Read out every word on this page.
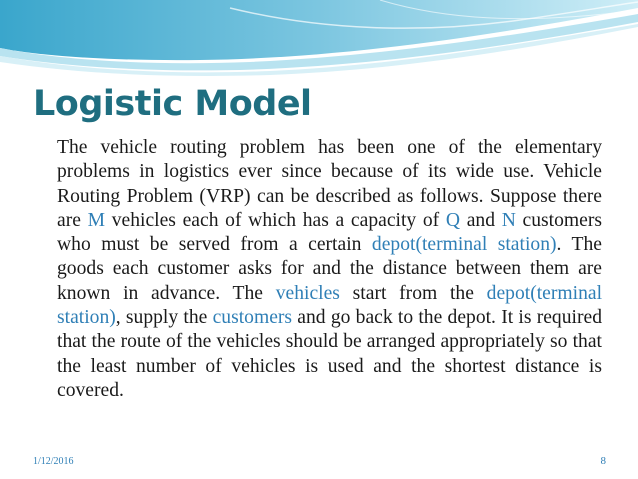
Logistic Model
The vehicle routing problem has been one of the elementary problems in logistics ever since because of its wide use. Vehicle Routing Problem (VRP) can be described as follows. Suppose there are M vehicles each of which has a capacity of Q and N customers who must be served from a certain depot(terminal station). The goods each customer asks for and the distance between them are known in advance. The vehicles start from the depot(terminal station), supply the customers and go back to the depot. It is required that the route of the vehicles should be arranged appropriately so that the least number of vehicles is used and the shortest distance is covered.
1/12/2016	8
